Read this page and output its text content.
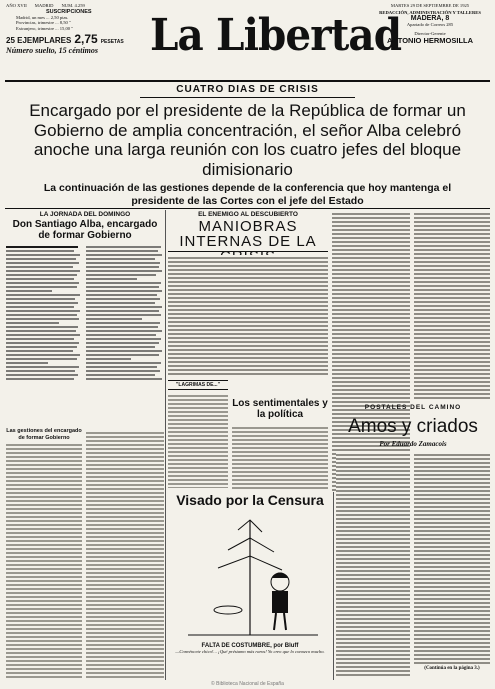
AÑO XVII MADRID NUM. 4.259
SUSCRIPCIONES
Madrid, un mes ... 2,50 ptas.
Provincias, trimestre ... 8,50 "
Extranjero, trimestre ... 15,00 "
25 EJEMPLARES 2,75 PESETAS
Número suelto, 15 céntimos	La Libertad
MARTES 29 DE SEPTIEMBRE DE 1925
REDACCIÓN, ADMINISTRACIÓN Y TALLERES
MADERA, 8
Apartado de Correos 285
Director-Gerente
ANTONIO HERMOSILLA
CUATRO DIAS DE CRISIS
Encargado por el presidente de la República de formar un Gobierno de amplia concentración, el señor Alba celebró anoche una larga reunión con los cuatro jefes del bloque dimisionario
La continuación de las gestiones depende de la conferencia que hoy mantenga el presidente de las Cortes con el jefe del Estado
LA JORNADA DEL DOMINGO
Don Santiago Alba, encargado de formar Gobierno
Las gestiones del encargado de formar Gobierno
EL ENEMIGO AL DESCUBIERTO
MANIOBRAS INTERNAS DE LA
"LAGRIMAS DE..."
Los sentimentales y la política
Visado por la Censura
FALTA DE COSTUMBRE, por Bluff
—Convéncete chico!... ¡Qué préstamo más raros! Yo creo que lo conozco mucho.
POSTALES DEL CAMINO
Amos y criados
Por Eduardo Zamacois
(Continúa en la página 3.)
© Biblioteca Nacional de España
